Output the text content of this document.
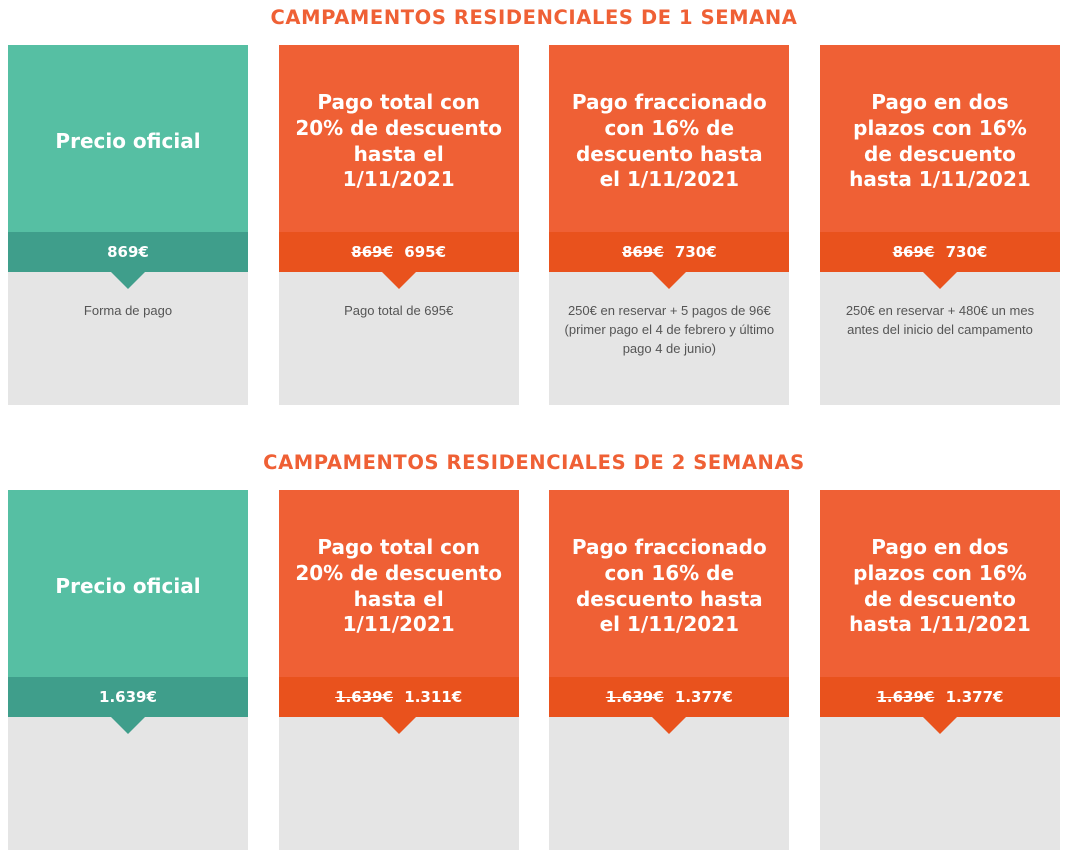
CAMPAMENTOS RESIDENCIALES DE 1 SEMANA
Precio oficial
869€
Forma de pago
Pago total con 20% de descuento hasta el 1/11/2021
869€ 695€
Pago total de 695€
Pago fraccionado con 16% de descuento hasta el 1/11/2021
869€ 730€
250€ en reservar + 5 pagos de 96€ (primer pago el 4 de febrero y último pago 4 de junio)
Pago en dos plazos con 16% de descuento hasta 1/11/2021
869€ 730€
250€ en reservar + 480€ un mes antes del inicio del campamento
CAMPAMENTOS RESIDENCIALES DE 2 SEMANAS
Precio oficial
1.639€
Pago total con 20% de descuento hasta el 1/11/2021
1.639€ 1.311€
Pago fraccionado con 16% de descuento hasta el 1/11/2021
1.639€ 1.377€
Pago en dos plazos con 16% de descuento hasta 1/11/2021
1.639€ 1.377€
